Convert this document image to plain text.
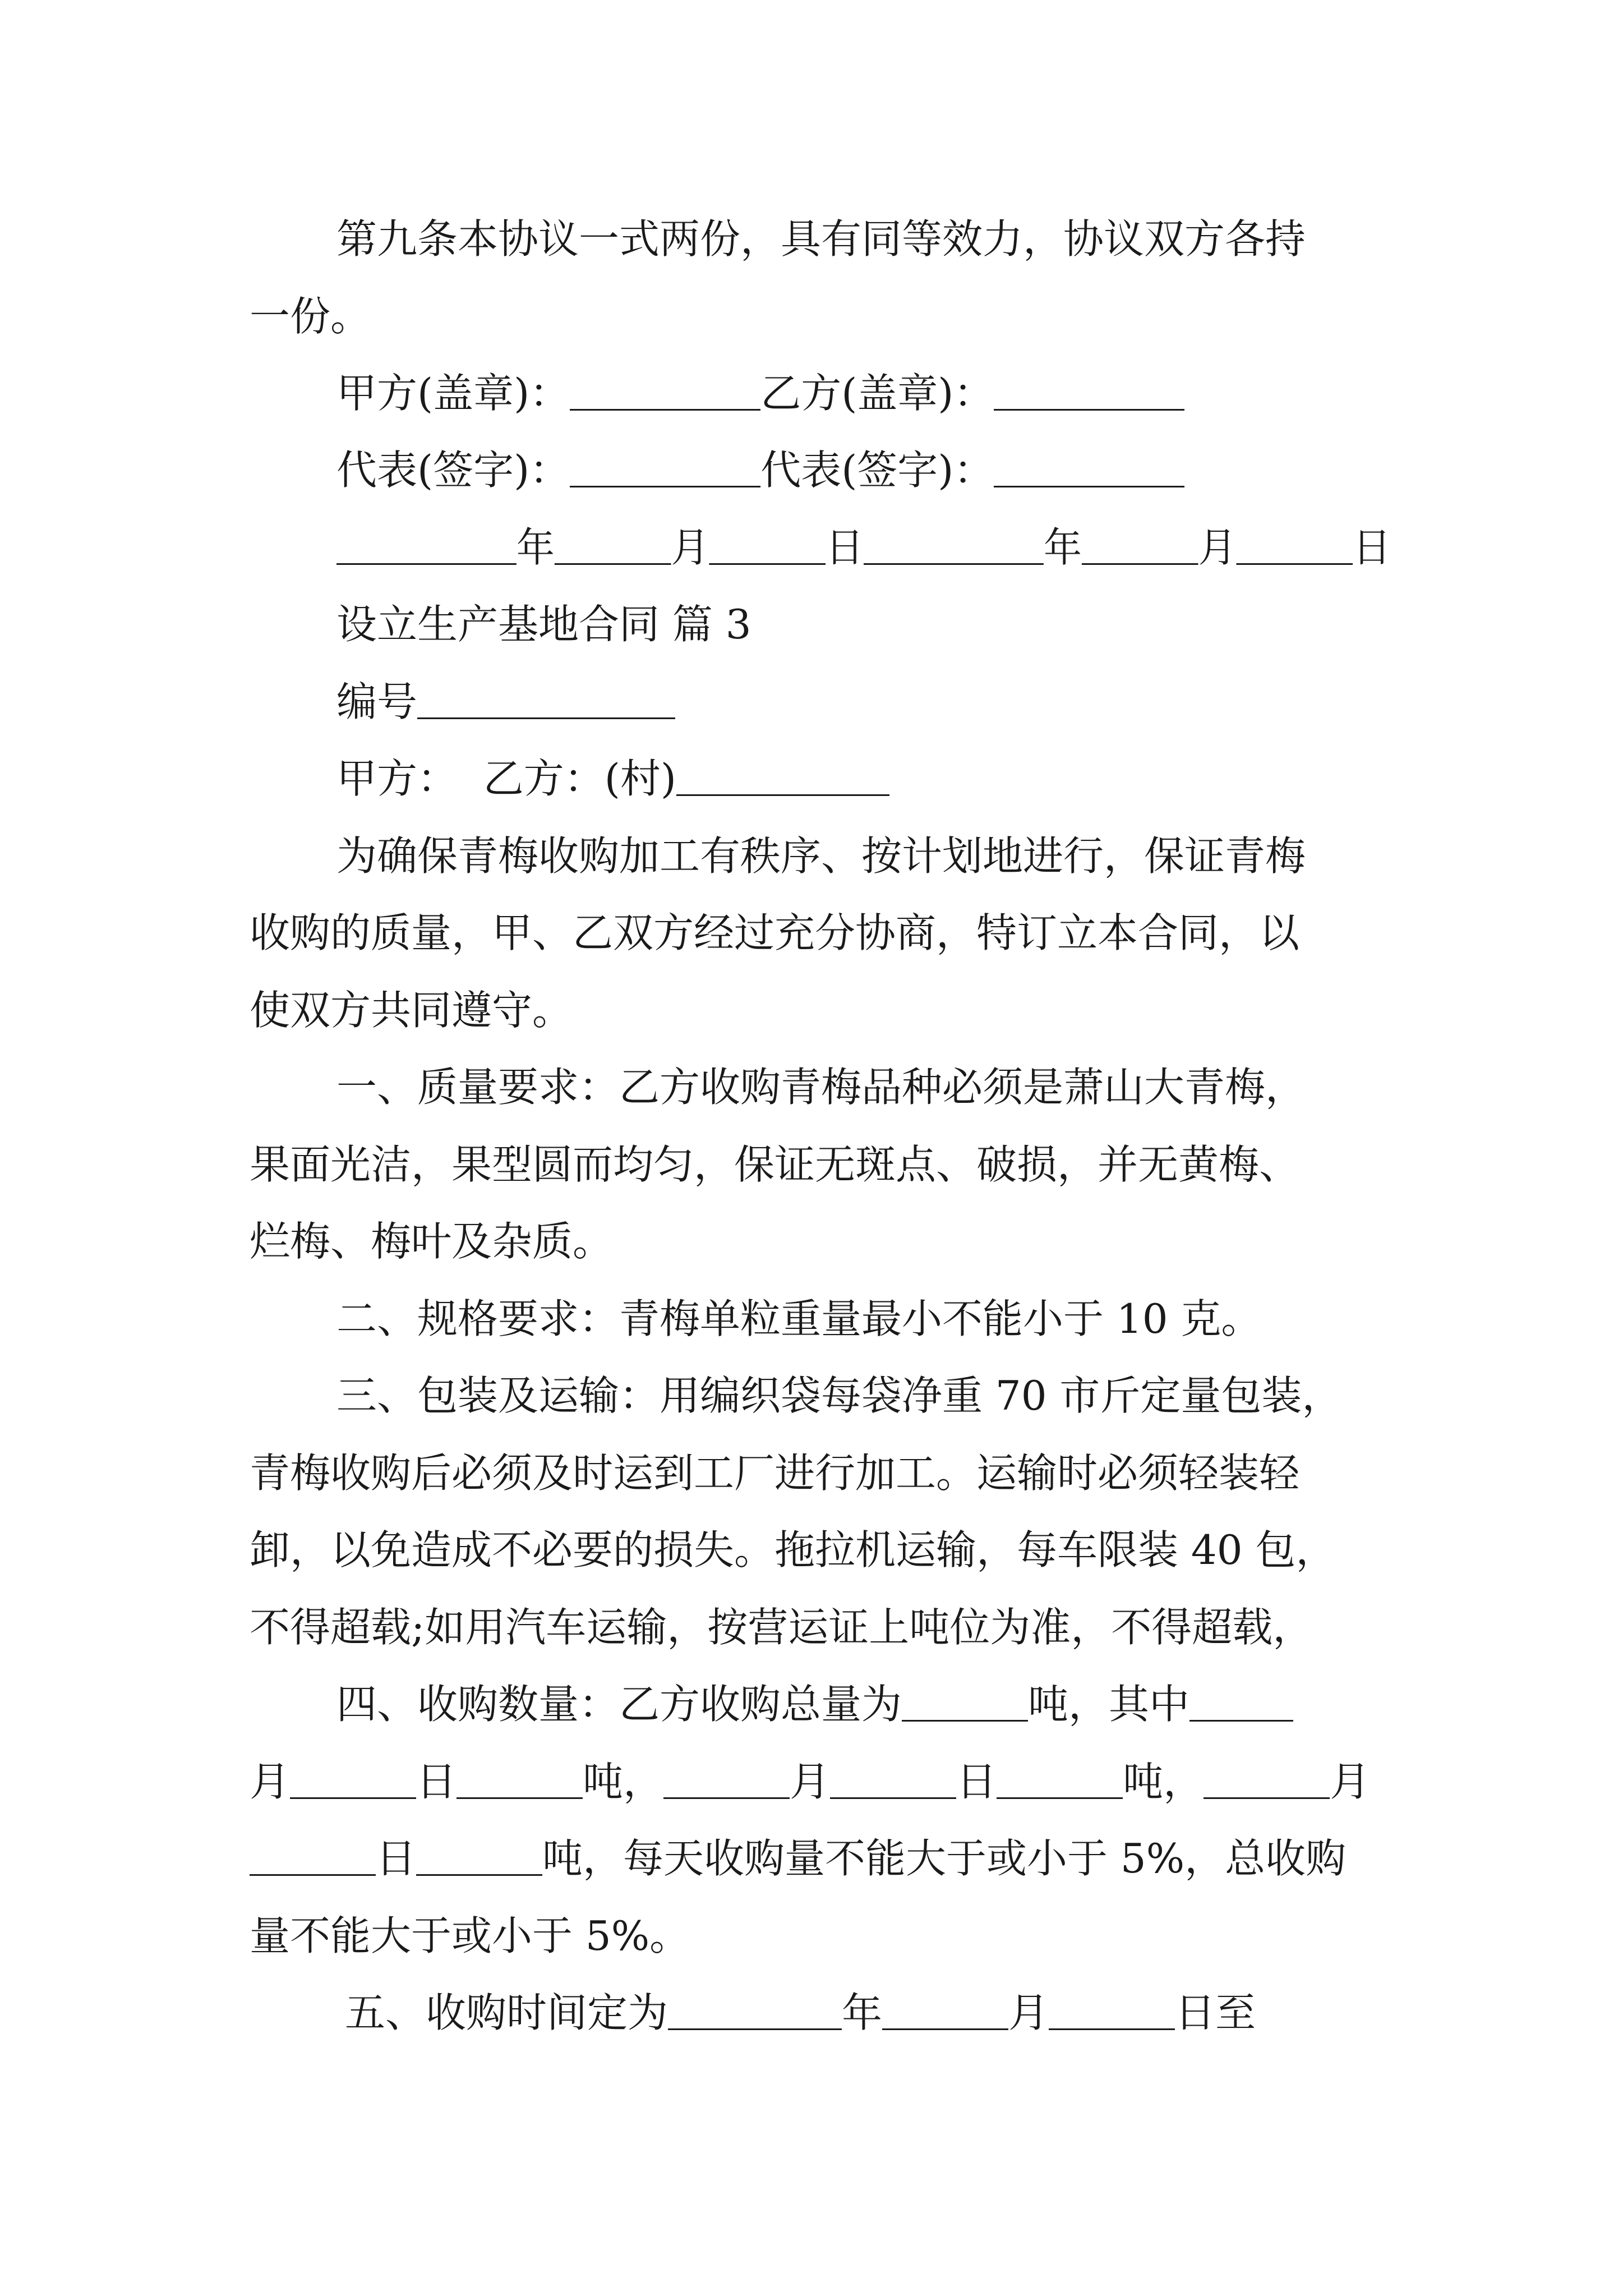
第九条本协议一式两份，具有同等效力，协议双方各持
一份。
甲方(盖章)：	乙方(盖章)：
代表(签字)：	代表(签字)：
年	月	日	年	月	日
设立生产基地合同 篇 3
编号
甲方：  乙方：(村)
为确保青梅收购加工有秩序、按计划地进行，保证青梅
收购的质量，甲、乙双方经过充分协商，特订立本合同，以
使双方共同遵守。
一、质量要求：乙方收购青梅品种必须是萧山大青梅，
果面光洁，果型圆而均匀，保证无斑点、破损，并无黄梅、
烂梅、梅叶及杂质。
二、规格要求：青梅单粒重量最小不能小于 10 克。
三、包装及运输：用编织袋每袋净重 70 市斤定量包装，
青梅收购后必须及时运到工厂进行加工。运输时必须轻装轻
卸，以免造成不必要的损失。拖拉机运输，每车限装 40 包，
不得超载;如用汽车运输，按营运证上吨位为准，不得超载，
四、收购数量：乙方收购总量为	吨，其中
月	日	吨，	月	日	吨，	月
日	吨，每天收购量不能大于或小于 5%，总收购
量不能大于或小于 5%。
五、收购时间定为	年	月	日至
